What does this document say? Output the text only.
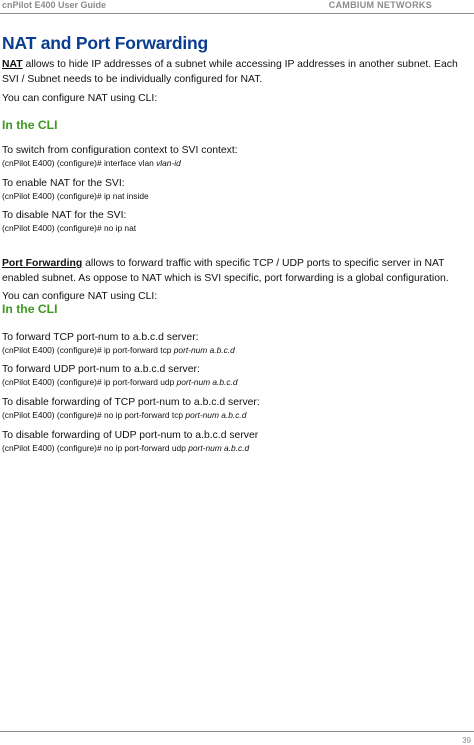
cnPilot E400 User Guide	CAMBIUM NETWORKS
NAT and Port Forwarding

NAT allows to hide IP addresses of a subnet while accessing IP addresses in another subnet. Each

SVI / Subnet needs to be individually configured for NAT.

You can configure NAT using CLI:

In the CLI

To switch from configuration context to SVI context:

(cnPilot E400) (configure)# interface vlan vlan-id

To enable NAT for the SVI:

(cnPilot E400) (configure)# ip nat inside

To disable NAT for the SVI:

(cnPilot E400) (configure)# no ip nat

Port Forwarding allows to forward traffic with specific TCP / UDP ports to specific server in NAT

enabled subnet. As oppose to NAT which is SVI specific, port forwarding is a global configuration.

You can configure NAT using CLI:

In the CLI

To forward TCP port-num to a.b.c.d server:

(cnPilot E400) (configure)# ip port-forward tcp port-num a.b.c.d

To forward UDP port-num to a.b.c.d server:

(cnPilot E400) (configure)# ip port-forward udp port-num a.b.c.d

To disable forwarding of TCP port-num to a.b.c.d server:

(cnPilot E400) (configure)# no ip port-forward tcp port-num a.b.c.d

To disable forwarding of UDP port-num to a.b.c.d server

(cnPilot E400) (configure)# no ip port-forward udp port-num a.b.c.d

39
